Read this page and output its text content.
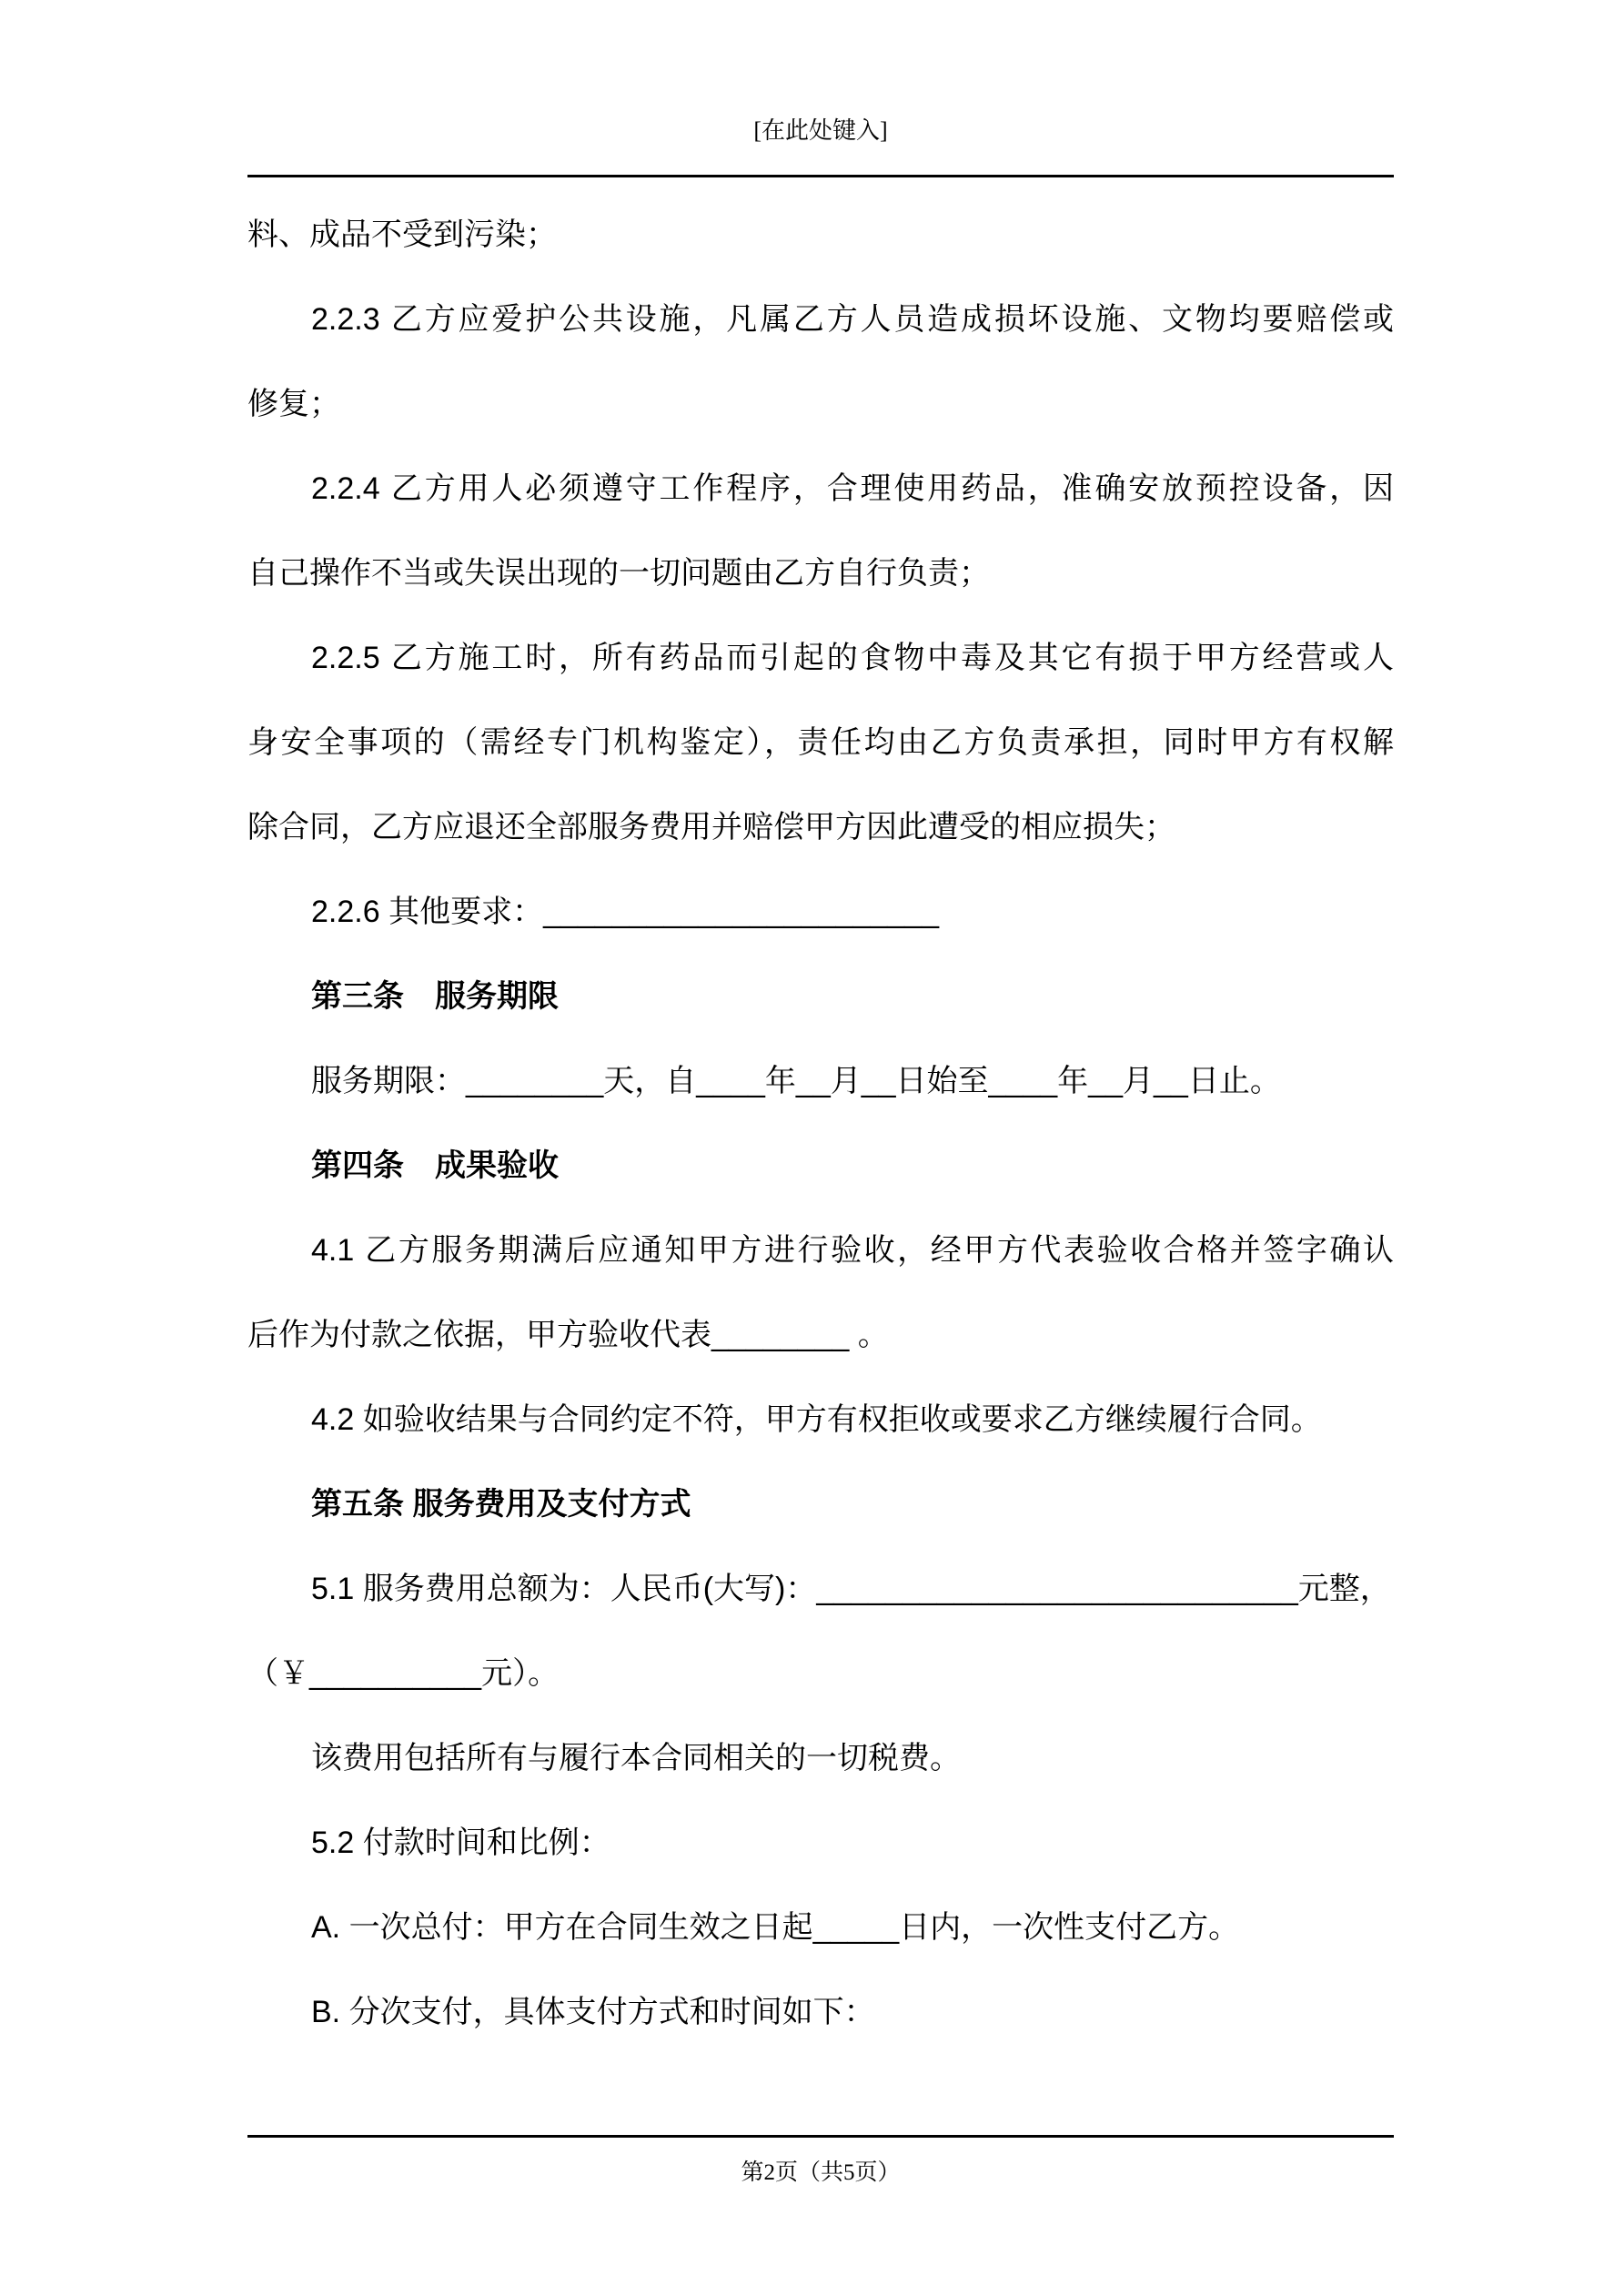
[在此处键入]
料、成品不受到污染；
2.2.3 乙方应爱护公共设施，凡属乙方人员造成损坏设施、文物均要赔偿或
修复；
2.2.4 乙方用人必须遵守工作程序，合理使用药品，准确安放预控设备，因
自己操作不当或失误出现的一切问题由乙方自行负责；
2.2.5 乙方施工时，所有药品而引起的食物中毒及其它有损于甲方经营或人
身安全事项的（需经专门机构鉴定），责任均由乙方负责承担，同时甲方有权解
除合同，乙方应退还全部服务费用并赔偿甲方因此遭受的相应损失；
2.2.6 其他要求：_______________________
第三条　服务期限
服务期限：________天，自____年__月__日始至____年__月__日止。
第四条　成果验收
4.1 乙方服务期满后应通知甲方进行验收，经甲方代表验收合格并签字确认
后作为付款之依据，甲方验收代表________ 。
4.2 如验收结果与合同约定不符，甲方有权拒收或要求乙方继续履行合同。
第五条 服务费用及支付方式
5.1 服务费用总额为：人民币(大写)：____________________________元整，
（￥__________元）。
该费用包括所有与履行本合同相关的一切税费。
5.2 付款时间和比例：
A. 一次总付：甲方在合同生效之日起_____日内，一次性支付乙方。
B. 分次支付，具体支付方式和时间如下：
第2页（共5页）
